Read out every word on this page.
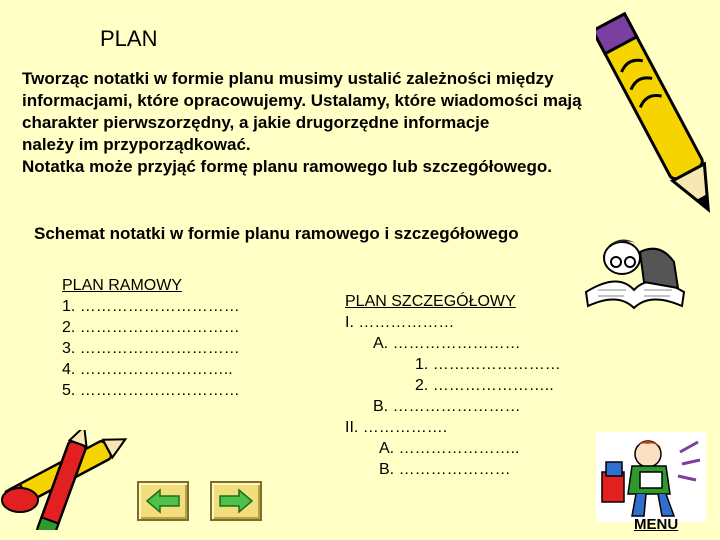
PLAN
Tworząc notatki w formie planu musimy ustalić zależności między
informacjami, które opracowujemy. Ustalamy, które wiadomości mają
charakter pierwszorzędny, a jakie drugorzędne informacje
należy im przyporządkować.
Notatka może przyjąć formę planu ramowego lub szczegółowego.
Schemat notatki w formie planu ramowego i szczegółowego
PLAN RAMOWY
1. …………………………
2. …………………………
3. …………………………
4. ………………………..
5. …………………………
PLAN SZCZEGÓŁOWY
I. ………………
A. ……………………
1. ……………………
2. …………………..
B. ……………………
II. …………….
A. …………………..
B. …………………
MENU
